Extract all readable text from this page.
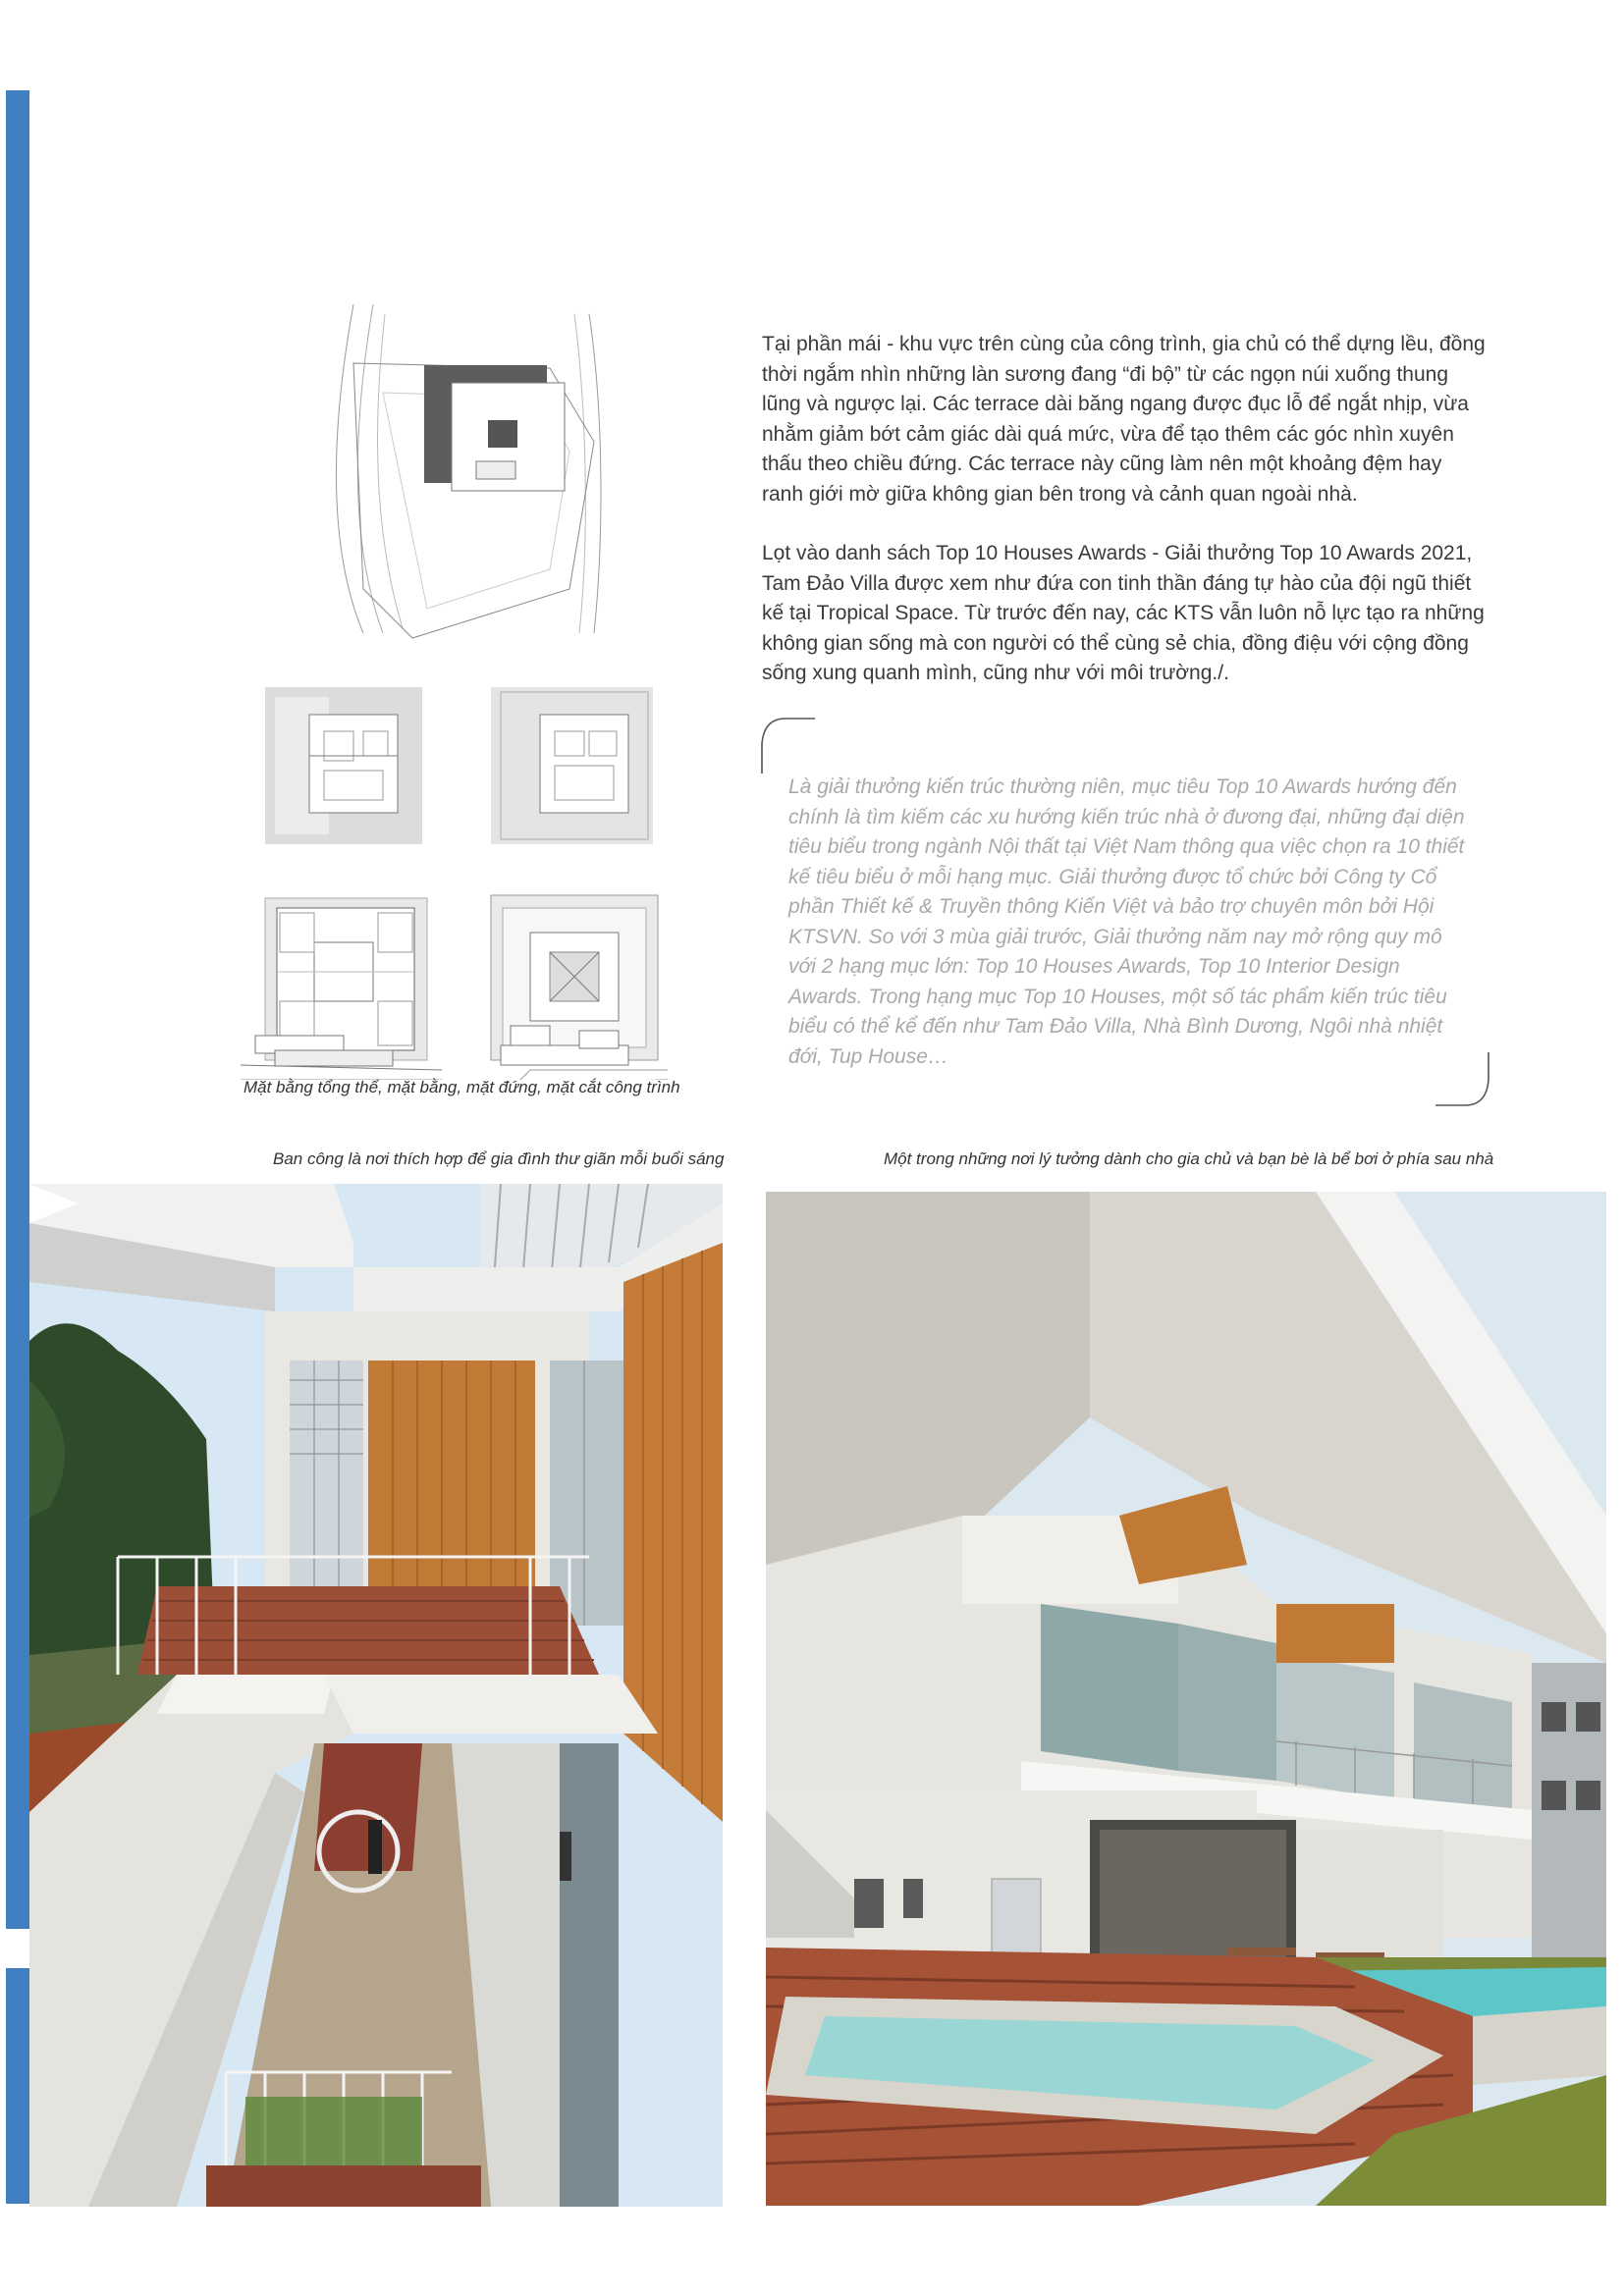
Mặt bằng tổng thể, mặt bằng, mặt đứng, mặt cắt công trình

Tại phần mái - khu vực trên cùng của công trình, gia chủ có thể dựng lều, đồng thời ngắm nhìn những làn sương đang “đi bộ” từ các ngọn núi xuống thung lũng và ngược lại. Các terrace dài băng ngang được đục lỗ để ngắt nhịp, vừa nhằm giảm bớt cảm giác dài quá mức, vừa để tạo thêm các góc nhìn xuyên thấu theo chiều đứng. Các terrace này cũng làm nên một khoảng đệm hay ranh giới mờ giữa không gian bên trong và cảnh quan ngoài nhà.

Lọt vào danh sách Top 10 Houses Awards - Giải thưởng Top 10 Awards 2021, Tam Đảo Villa được xem như đứa con tinh thần đáng tự hào của đội ngũ thiết kế tại Tropical Space. Từ trước đến nay, các KTS vẫn luôn nỗ lực tạo ra những không gian sống mà con người có thể cùng sẻ chia, đồng điệu với cộng đồng sống xung quanh mình, cũng như với môi trường./.

Là giải thưởng kiến trúc thường niên, mục tiêu Top 10 Awards hướng đến chính là tìm kiếm các xu hướng kiến trúc nhà ở đương đại, những đại diện tiêu biểu trong ngành Nội thất tại Việt Nam thông qua việc chọn ra 10 thiết kế tiêu biểu ở mỗi hạng mục. Giải thưởng được tổ chức bởi Công ty Cổ phần Thiết kế & Truyền thông Kiến Việt và bảo trợ chuyên môn bởi Hội KTSVN. So với 3 mùa giải trước, Giải thưởng năm nay mở rộng quy mô với 2 hạng mục lớn: Top 10 Houses Awards, Top 10 Interior Design Awards. Trong hạng mục Top 10 Houses, một số tác phẩm kiến trúc tiêu biểu có thể kể đến như Tam Đảo Villa, Nhà Bình Dương, Ngôi nhà nhiệt đới, Tup House…

Ban công là nơi thích hợp để gia đình thư giãn mỗi buổi sáng	Một trong những nơi lý tưởng dành cho gia chủ và bạn bè là bể bơi ở phía sau nhà
